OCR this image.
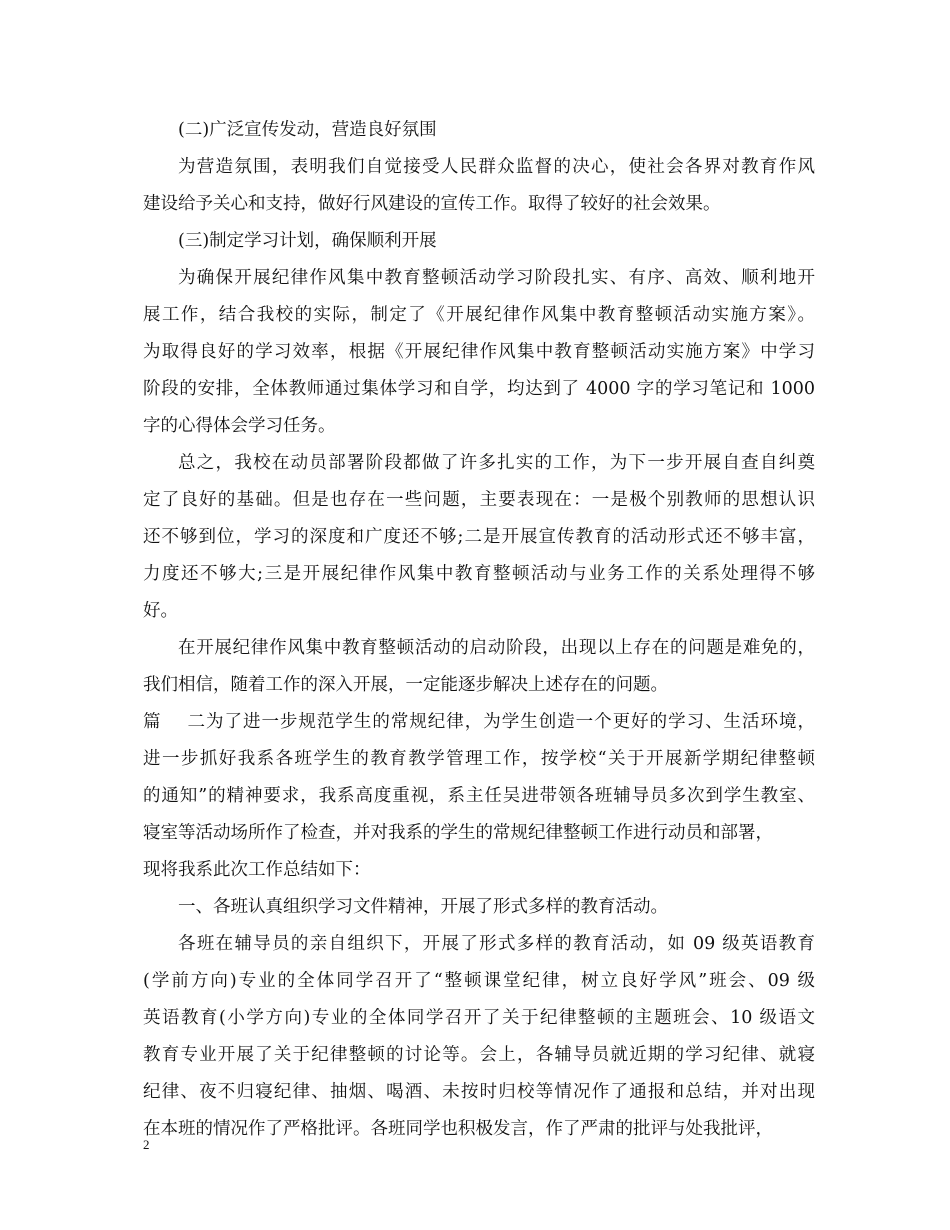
(二)广泛宣传发动，营造良好氛围
为营造氛围，表明我们自觉接受人民群众监督的决心，使社会各界对教育作风
建设给予关心和支持，做好行风建设的宣传工作。取得了较好的社会效果。
(三)制定学习计划，确保顺利开展
为确保开展纪律作风集中教育整顿活动学习阶段扎实、有序、高效、顺利地开
展工作，结合我校的实际，制定了《开展纪律作风集中教育整顿活动实施方案》。
为取得良好的学习效率，根据《开展纪律作风集中教育整顿活动实施方案》中学习
阶段的安排，全体教师通过集体学习和自学，均达到了 4000 字的学习笔记和 1000
字的心得体会学习任务。
总之，我校在动员部署阶段都做了许多扎实的工作，为下一步开展自查自纠奠
定了良好的基础。但是也存在一些问题，主要表现在：一是极个别教师的思想认识
还不够到位，学习的深度和广度还不够;二是开展宣传教育的活动形式还不够丰富，
力度还不够大;三是开展纪律作风集中教育整顿活动与业务工作的关系处理得不够
好。
在开展纪律作风集中教育整顿活动的启动阶段，出现以上存在的问题是难免的，
我们相信，随着工作的深入开展，一定能逐步解决上述存在的问题。
篇二为了进一步规范学生的常规纪律，为学生创造一个更好的学习、生活环境，
进一步抓好我系各班学生的教育教学管理工作，按学校“关于开展新学期纪律整顿
的通知”的精神要求，我系高度重视，系主任吴进带领各班辅导员多次到学生教室、
寝室等活动场所作了检查，并对我系的学生的常规纪律整顿工作进行动员和部署，
现将我系此次工作总结如下：
一、各班认真组织学习文件精神，开展了形式多样的教育活动。
各班在辅导员的亲自组织下，开展了形式多样的教育活动，如 09 级英语教育
(学前方向)专业的全体同学召开了“整顿课堂纪律，树立良好学风”班会、09 级
英语教育(小学方向)专业的全体同学召开了关于纪律整顿的主题班会、10 级语文
教育专业开展了关于纪律整顿的讨论等。会上，各辅导员就近期的学习纪律、就寝
纪律、夜不归寝纪律、抽烟、喝酒、未按时归校等情况作了通报和总结，并对出现
在本班的情况作了严格批评。各班同学也积极发言，作了严肃的批评与处我批评，
2
